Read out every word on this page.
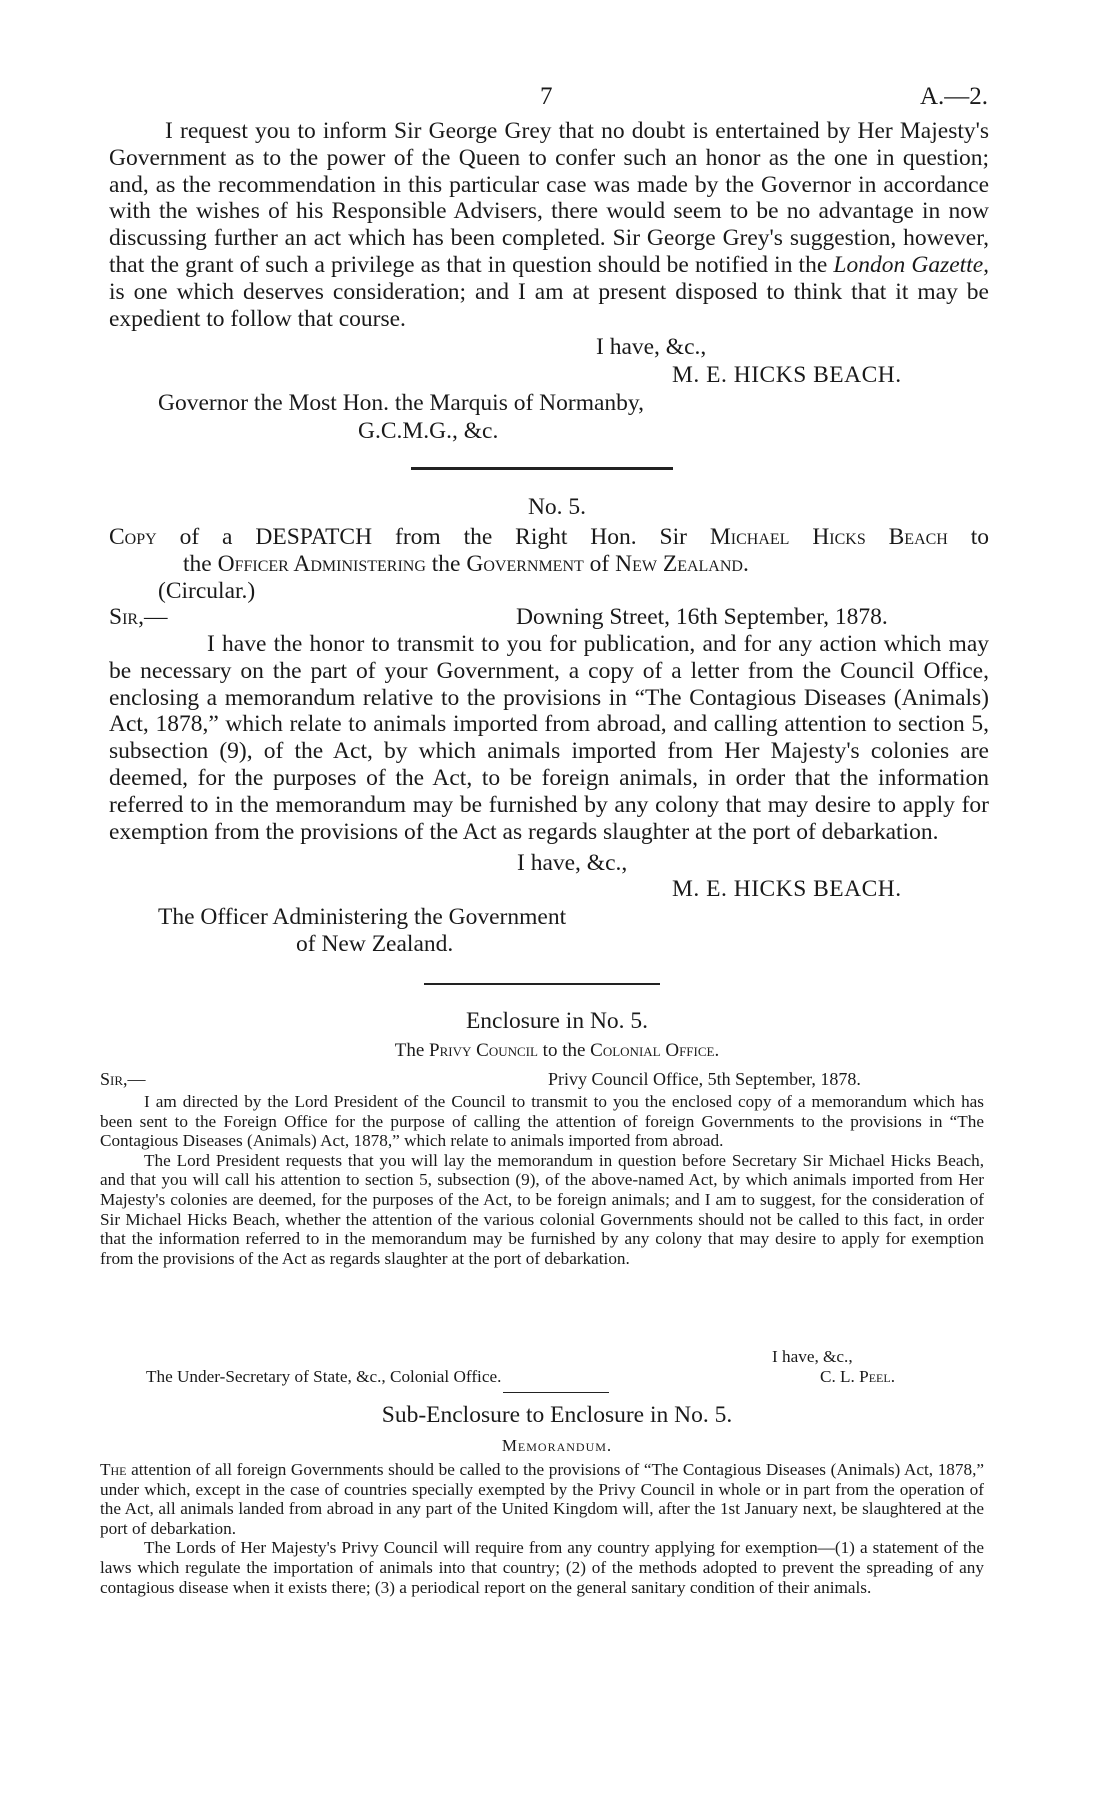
7	A.—2.

I request you to inform Sir George Grey that no doubt is entertained by Her Majesty's Government as to the power of the Queen to confer such an honor as the one in question; and, as the recommendation in this particular case was made by the Governor in accordance with the wishes of his Responsible Advisers, there would seem to be no advantage in now discussing further an act which has been completed. Sir George Grey's suggestion, however, that the grant of such a privilege as that in question should be notified in the London Gazette, is one which deserves consideration; and I am at present disposed to think that it may be expedient to follow that course.

I have, &c.,
M. E. HICKS BEACH.
Governor the Most Hon. the Marquis of Normanby,
G.C.M.G., &c.
No. 5.
Copy of a DESPATCH from the Right Hon. Sir Michael Hicks Beach to
the Officer Administering the Government of New Zealand.
(Circular.)
Sir,—	Downing Street, 16th September, 1878.

I have the honor to transmit to you for publication, and for any action which may be necessary on the part of your Government, a copy of a letter from the Council Office, enclosing a memorandum relative to the provisions in “The Contagious Diseases (Animals) Act, 1878,” which relate to animals imported from abroad, and calling attention to section 5, subsection (9), of the Act, by which animals imported from Her Majesty's colonies are deemed, for the purposes of the Act, to be foreign animals, in order that the information referred to in the memorandum may be furnished by any colony that may desire to apply for exemption from the provisions of the Act as regards slaughter at the port of debarkation.

I have, &c.,
M. E. HICKS BEACH.
The Officer Administering the Government
of New Zealand.
Enclosure in No. 5.
The Privy Council to the Colonial Office.
Sir,—	Privy Council Office, 5th September, 1878.

I am directed by the Lord President of the Council to transmit to you the enclosed copy of a memorandum which has been sent to the Foreign Office for the purpose of calling the attention of foreign Governments to the provisions in “The Contagious Diseases (Animals) Act, 1878,” which relate to animals imported from abroad.

The Lord President requests that you will lay the memorandum in question before Secretary Sir Michael Hicks Beach, and that you will call his attention to section 5, subsection (9), of the above-named Act, by which animals imported from Her Majesty's colonies are deemed, for the purposes of the Act, to be foreign animals; and I am to suggest, for the consideration of Sir Michael Hicks Beach, whether the attention of the various colonial Governments should not be called to this fact, in order that the information referred to in the memorandum may be furnished by any colony that may desire to apply for exemption from the provisions of the Act as regards slaughter at the port of debarkation.

I have, &c.,
The Under-Secretary of State, &c., Colonial Office.	C. L. Peel.
Sub-Enclosure to Enclosure in No. 5.
Memorandum.

The attention of all foreign Governments should be called to the provisions of “The Contagious Diseases (Animals) Act, 1878,” under which, except in the case of countries specially exempted by the Privy Council in whole or in part from the operation of the Act, all animals landed from abroad in any part of the United Kingdom will, after the 1st January next, be slaughtered at the port of debarkation.

The Lords of Her Majesty's Privy Council will require from any country applying for exemption—(1) a statement of the laws which regulate the importation of animals into that country; (2) of the methods adopted to prevent the spreading of any contagious disease when it exists there; (3) a periodical report on the general sanitary condition of their animals.
